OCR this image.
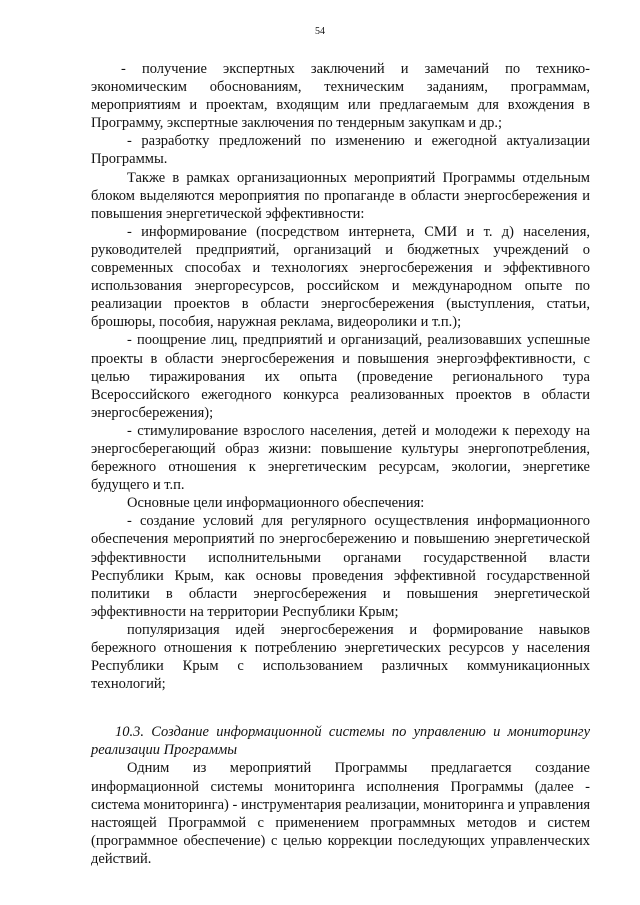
54

- получение экспертных заключений и замечаний по технико-экономическим обоснованиям, техническим заданиям, программам, мероприятиям и проектам, входящим или предлагаемым для вхождения в Программу, экспертные заключения по тендерным закупкам и др.;

- разработку предложений по изменению и ежегодной актуализации Программы.

Также в рамках организационных мероприятий Программы отдельным блоком выделяются мероприятия по пропаганде в области энергосбережения и повышения энергетической эффективности:

- информирование (посредством интернета, СМИ и т. д) населения, руководителей предприятий, организаций и бюджетных учреждений о современных способах и технологиях энергосбережения и эффективного использования энергоресурсов, российском и международном опыте по реализации проектов в области энергосбережения (выступления, статьи, брошюры, пособия, наружная реклама, видеоролики и т.п.);

- поощрение лиц, предприятий и организаций, реализовавших успешные проекты в области энергосбережения и повышения энергоэффективности, с целью тиражирования их опыта (проведение регионального тура Всероссийского ежегодного конкурса реализованных проектов в области энергосбережения);

- стимулирование взрослого населения, детей и молодежи к переходу на энергосберегающий образ жизни: повышение культуры энергопотребления, бережного отношения к энергетическим ресурсам, экологии, энергетике будущего и т.п.

Основные цели информационного обеспечения:

- создание условий для регулярного осуществления информационного обеспечения мероприятий по энергосбережению и повышению энергетической эффективности исполнительными органами государственной власти Республики Крым, как основы проведения эффективной государственной политики в области энергосбережения и повышения энергетической эффективности на территории Республики Крым;

популяризация идей энергосбережения и формирование навыков бережного отношения к потреблению энергетических ресурсов у населения Республики Крым с использованием различных коммуникационных технологий;

10.3. Создание информационной системы по управлению и мониторингу реализации Программы

Одним из мероприятий Программы предлагается создание информационной системы мониторинга исполнения Программы (далее - система мониторинга) - инструментария реализации, мониторинга и управления настоящей Программой с применением программных методов и систем (программное обеспечение) с целью коррекции последующих управленческих действий.
